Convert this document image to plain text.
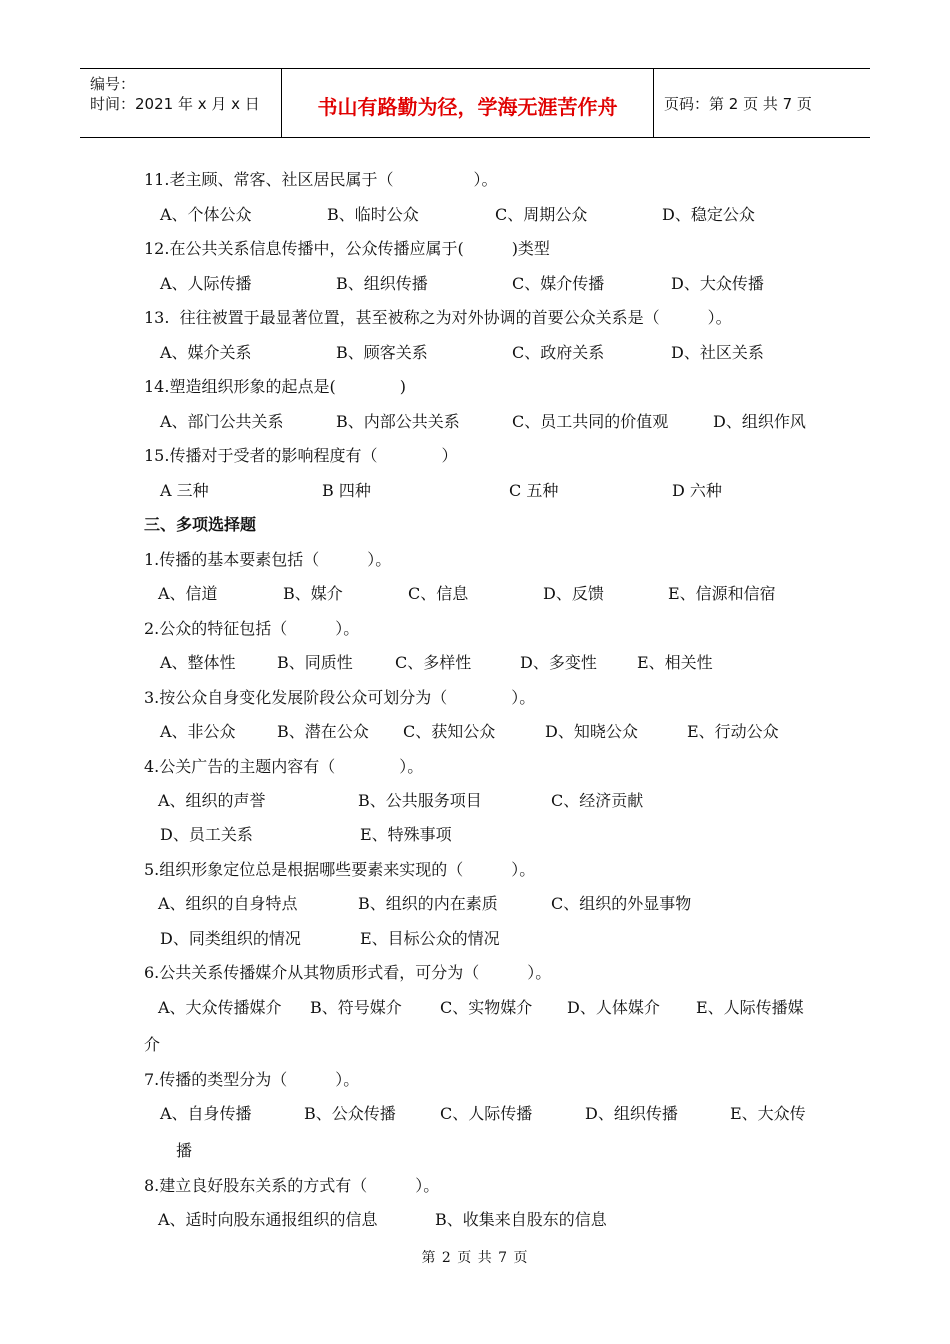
编号：
时间：2021 年 x 月 x 日	书山有路勤为径，学海无涯苦作舟	页码：第 2 页 共 7 页
11.老主顾、常客、社区居民属于（　　　　　）。
A、个体公众	B、临时公众	C、周期公众	D、稳定公众
12.在公共关系信息传播中，公众传播应属于(　　　)类型
A、人际传播	B、组织传播	C、媒介传播	D、大众传播
13.  往往被置于最显著位置，甚至被称之为对外协调的首要公众关系是（　　　）。
A、媒介关系	B、顾客关系	C、政府关系	D、社区关系
14.塑造组织形象的起点是(　　　　)
A、部门公共关系	B、内部公共关系	C、员工共同的价值观	D、组织作风
15.传播对于受者的影响程度有（　　　　）
A 三种	B 四种	C 五种	D 六种
三、多项选择题
1.传播的基本要素包括（　　　）。
A、信道	B、媒介	C、信息	D、反馈	E、信源和信宿
2.公众的特征包括（　　　）。
A、整体性	B、同质性	C、多样性	D、多变性	E、相关性
3.按公众自身变化发展阶段公众可划分为（　　　　）。
A、非公众	B、潜在公众 C、获知公众	D、知晓公众	E、行动公众
4.公关广告的主题内容有（　　　　）。
A、组织的声誉	B、公共服务项目	C、经济贡献
D、员工关系	E、特殊事项
5.组织形象定位总是根据哪些要素来实现的（　　　）。
A、组织的自身特点	B、组织的内在素质	C、组织的外显事物
D、同类组织的情况	E、目标公众的情况
6.公共关系传播媒介从其物质形式看，可分为（　　　）。
A、大众传播媒介 B、符号媒介 C、实物媒介 D、人体媒介 E、人际传播媒
介
7.传播的类型分为（　　　）。
A、自身传播	B、公众传播	C、人际传播	D、组织传播	E、大众传
播
8.建立良好股东关系的方式有（　　　）。
A、适时向股东通报组织的信息	B、收集来自股东的信息
第 2 页 共 7 页
